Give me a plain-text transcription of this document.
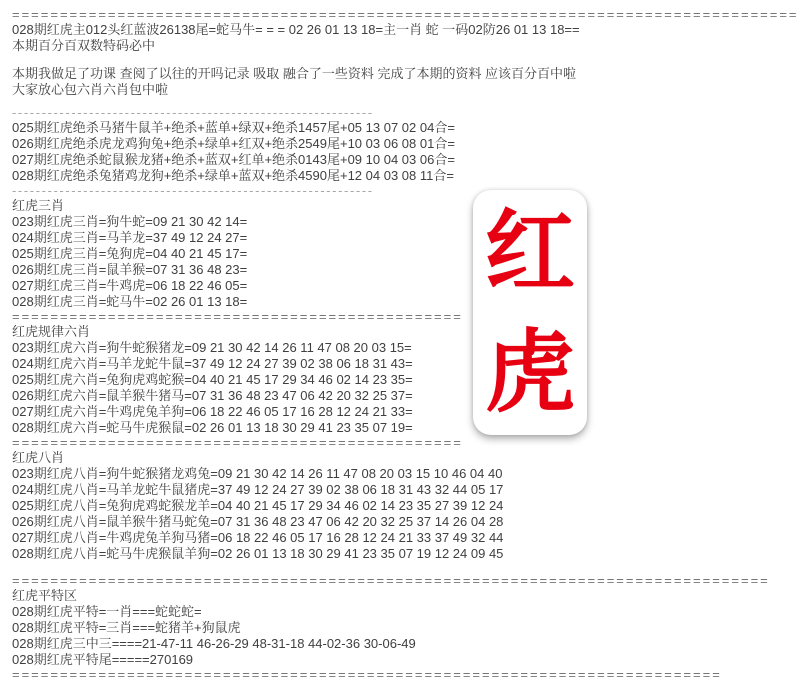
==================================================================================
028期红虎主012头红蓝波26138尾=蛇马牛= = = 02 26 01 13 18=主一肖 蛇 一码02防26 01 13 18==
本期百分百双数特码必中
本期我做足了功课 查阅了以往的开吗记录 吸取 融合了一些资料 完成了本期的资料 应该百分百中啦
大家放心包六肖六肖包中啦
-------------------------------------------------------------
025期红虎绝杀马猪牛鼠羊+绝杀+蓝单+绿双+绝杀1457尾+05 13 07 02 04合=
026期红虎绝杀虎龙鸡狗兔+绝杀+绿单+红双+绝杀2549尾+10 03 06 08 01合=
027期红虎绝杀蛇鼠猴龙猪+绝杀+蓝双+红单+绝杀0143尾+09 10 04 03 06合=
028期红虎绝杀兔猪鸡龙狗+绝杀+绿单+蓝双+绝杀4590尾+12 04 03 08 11合=
-------------------------------------------------------------
红虎三肖
023期红虎三肖=狗牛蛇=09 21 30 42 14=
024期红虎三肖=马羊龙=37 49 12 24 27=
025期红虎三肖=兔狗虎=04 40 21 45 17=
026期红虎三肖=鼠羊猴=07 31 36 48 23=
027期红虎三肖=牛鸡虎=06 18 22 46 05=
028期红虎三肖=蛇马牛=02 26 01 13 18=
===============================================
红虎规律六肖
023期红虎六肖=狗牛蛇猴猪龙=09 21 30 42 14 26 11 47 08 20 03 15=
024期红虎六肖=马羊龙蛇牛鼠=37 49 12 24 27 39 02 38 06 18 31 43=
025期红虎六肖=兔狗虎鸡蛇猴=04 40 21 45 17 29 34 46 02 14 23 35=
026期红虎六肖=鼠羊猴牛猪马=07 31 36 48 23 47 06 42 20 32 25 37=
027期红虎六肖=牛鸡虎兔羊狗=06 18 22 46 05 17 16 28 12 24 21 33=
028期红虎六肖=蛇马牛虎猴鼠=02 26 01 13 18 30 29 41 23 35 07 19=
===============================================
红虎八肖
023期红虎八肖=狗牛蛇猴猪龙鸡兔=09 21 30 42 14 26 11 47 08 20 03 15 10 46 04 40
024期红虎八肖=马羊龙蛇牛鼠猪虎=37 49 12 24 27 39 02 38 06 18 31 43 32 44 05 17
025期红虎八肖=兔狗虎鸡蛇猴龙羊=04 40 21 45 17 29 34 46 02 14 23 35 27 39 12 24
026期红虎八肖=鼠羊猴牛猪马蛇兔=07 31 36 48 23 47 06 42 20 32 25 37 14 26 04 28
027期红虎八肖=牛鸡虎兔羊狗马猪=06 18 22 46 05 17 16 28 12 24 21 33 37 49 32 44
028期红虎八肖=蛇马牛虎猴鼠羊狗=02 26 01 13 18 30 29 41 23 35 07 19 12 24 09 45
===============================================================================
红虎平特区
028期红虎平特=一肖===蛇蛇蛇=
028期红虎平特=三肖===蛇猪羊+狗鼠虎
028期红虎三中三====21-47-11 46-26-29 48-31-18 44-02-36 30-06-49
028期红虎平特尾=====270169
==========================================================================
红
虎
